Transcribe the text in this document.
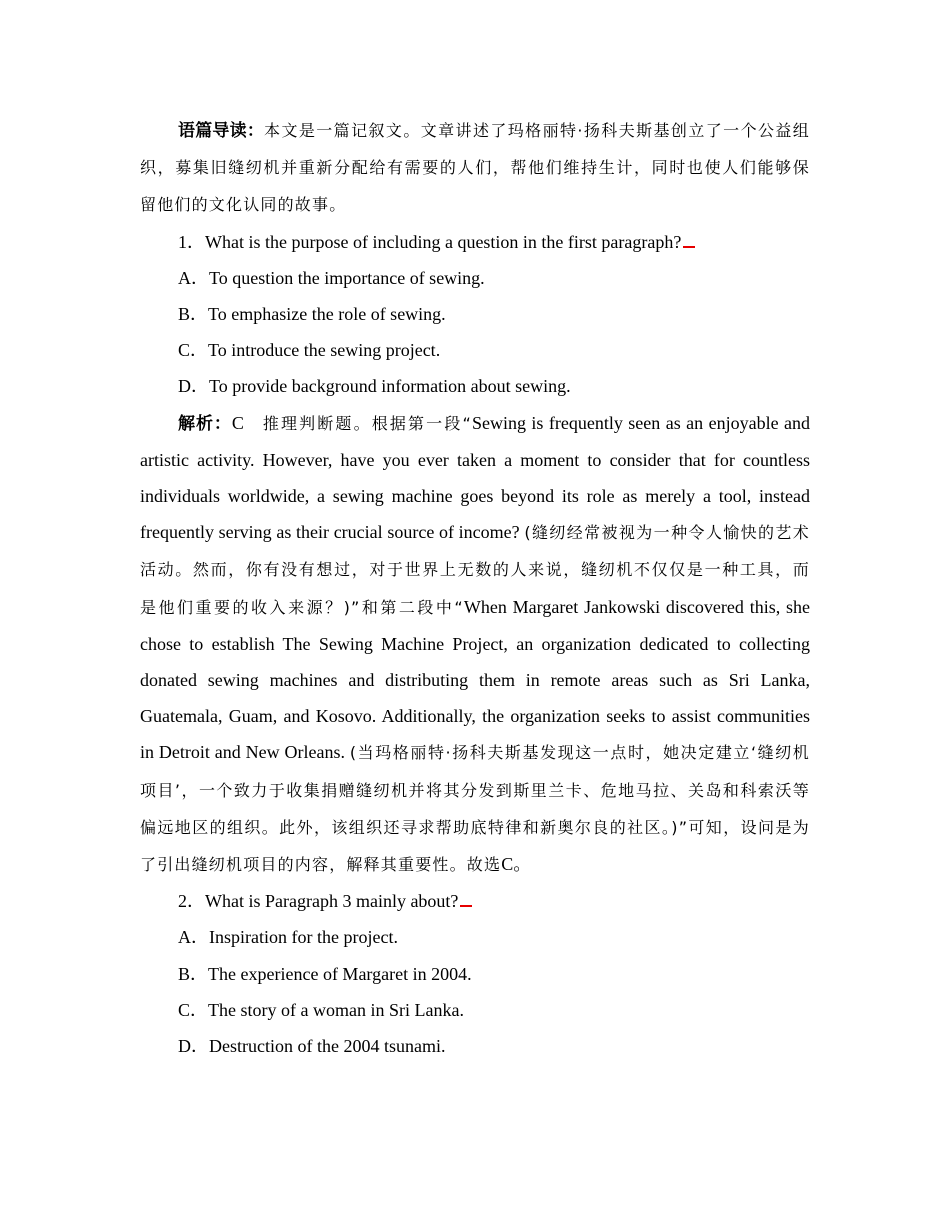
语篇导读：本文是一篇记叙文。文章讲述了玛格丽特·扬科夫斯基创立了一个公益组织，募集旧缝纫机并重新分配给有需要的人们，帮他们维持生计，同时也使人们能够保留他们的文化认同的故事。

1．What is the purpose of including a question in the first paragraph?

A．To question the importance of sewing.

B．To emphasize the role of sewing.

C．To introduce the sewing project.

D．To provide background information about sewing.

解析：C 推理判断题。根据第一段“Sewing is frequently seen as an enjoyable and artistic activity. However, have you ever taken a moment to consider that for countless individuals worldwide, a sewing machine goes beyond its role as merely a tool, instead frequently serving as their crucial source of income? (缝纫经常被视为一种令人愉快的艺术活动。然而，你有没有想过，对于世界上无数的人来说，缝纫机不仅仅是一种工具，而是他们重要的收入来源？)”和第二段中“When Margaret Jankowski discovered this, she chose to establish The Sewing Machine Project, an organization dedicated to collecting donated sewing machines and distributing them in remote areas such as Sri Lanka, Guatemala, Guam, and Kosovo. Additionally, the organization seeks to assist communities in Detroit and New Orleans. (当玛格丽特·扬科夫斯基发现这一点时，她决定建立‘缝纫机项目’，一个致力于收集捐赠缝纫机并将其分发到斯里兰卡、危地马拉、关岛和科索沃等偏远地区的组织。此外，该组织还寻求帮助底特律和新奥尔良的社区。)”可知，设问是为了引出缝纫机项目的内容，解释其重要性。故选C。

2．What is Paragraph 3 mainly about?

A．Inspiration for the project.

B．The experience of Margaret in 2004.

C．The story of a woman in Sri Lanka.

D．Destruction of the 2004 tsunami.
